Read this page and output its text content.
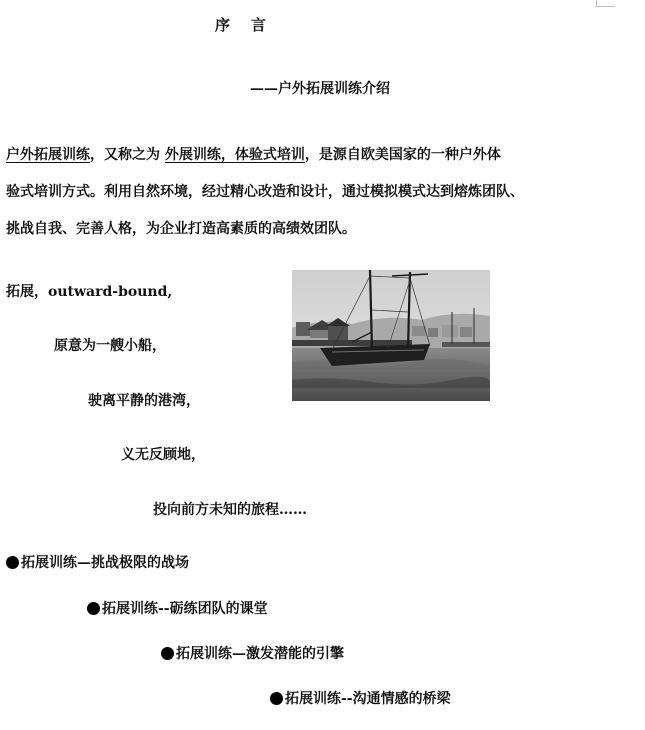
序    言
——户外拓展训练介绍
户外拓展训练，又称之为 外展训练，体验式培训，是源自欧美国家的一种户外体
验式培训方式。利用自然环境，经过精心改造和设计，通过模拟模式达到熔炼团队、
挑战自我、完善人格，为企业打造高素质的高绩效团队。
拓展，outward-bound,
原意为一艘小船，
驶离平静的港湾，
义无反顾地，
投向前方未知的旅程……
拓展训练—挑战极限的战场
拓展训练--砺练团队的课堂
拓展训练—激发潜能的引擎
拓展训练--沟通情感的桥梁
